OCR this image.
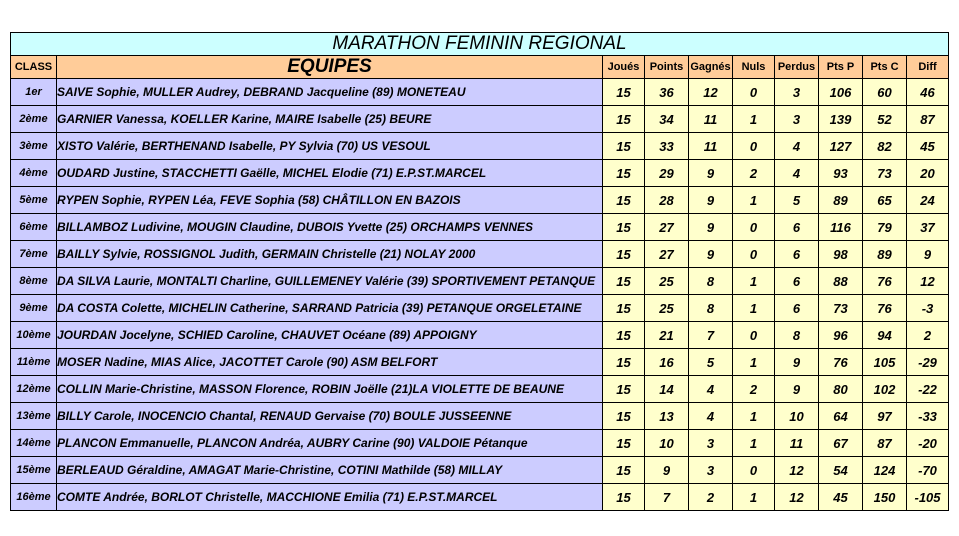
MARATHON FEMININ REGIONAL									
CLASS	EQUIPES	Joués	Points	Gagnés	Nuls	Perdus	Pts P	Pts C	Diff
1er	SAIVE Sophie, MULLER Audrey, DEBRAND Jacqueline (89) MONETEAU	15	36	12	0	3	106	60	46
2ème	GARNIER Vanessa, KOELLER Karine, MAIRE Isabelle (25) BEURE	15	34	11	1	3	139	52	87
3ème	XISTO Valérie, BERTHENAND Isabelle, PY Sylvia (70) US VESOUL	15	33	11	0	4	127	82	45
4ème	OUDARD Justine, STACCHETTI Gaëlle, MICHEL Elodie (71) E.P.ST.MARCEL	15	29	9	2	4	93	73	20
5ème	RYPEN Sophie, RYPEN Léa, FEVE Sophia (58) CHÂTILLON EN BAZOIS	15	28	9	1	5	89	65	24
6ème	BILLAMBOZ Ludivine, MOUGIN Claudine, DUBOIS Yvette (25) ORCHAMPS VENNES	15	27	9	0	6	116	79	37
7ème	BAILLY Sylvie, ROSSIGNOL Judith, GERMAIN Christelle (21) NOLAY 2000	15	27	9	0	6	98	89	9
8ème	DA SILVA Laurie, MONTALTI Charline, GUILLEMENEY Valérie (39) SPORTIVEMENT PETANQUE	15	25	8	1	6	88	76	12
9ème	DA COSTA Colette, MICHELIN Catherine, SARRAND Patricia (39) PETANQUE ORGELETAINE	15	25	8	1	6	73	76	-3
10ème	JOURDAN Jocelyne, SCHIED Caroline, CHAUVET Océane (89) APPOIGNY	15	21	7	0	8	96	94	2
11ème	MOSER Nadine, MIAS Alice, JACOTTET Carole (90) ASM BELFORT	15	16	5	1	9	76	105	-29
12ème	COLLIN Marie-Christine, MASSON Florence, ROBIN Joëlle (21)LA VIOLETTE DE BEAUNE	15	14	4	2	9	80	102	-22
13ème	BILLY Carole, INOCENCIO Chantal, RENAUD Gervaise (70) BOULE JUSSEENNE	15	13	4	1	10	64	97	-33
14ème	PLANCON Emmanuelle, PLANCON Andréa, AUBRY Carine (90) VALDOIE Pétanque	15	10	3	1	11	67	87	-20
15ème	BERLEAUD Géraldine, AMAGAT Marie-Christine, COTINI Mathilde (58) MILLAY	15	9	3	0	12	54	124	-70
16ème	COMTE Andrée, BORLOT Christelle, MACCHIONE Emilia (71) E.P.ST.MARCEL	15	7	2	1	12	45	150	-105
